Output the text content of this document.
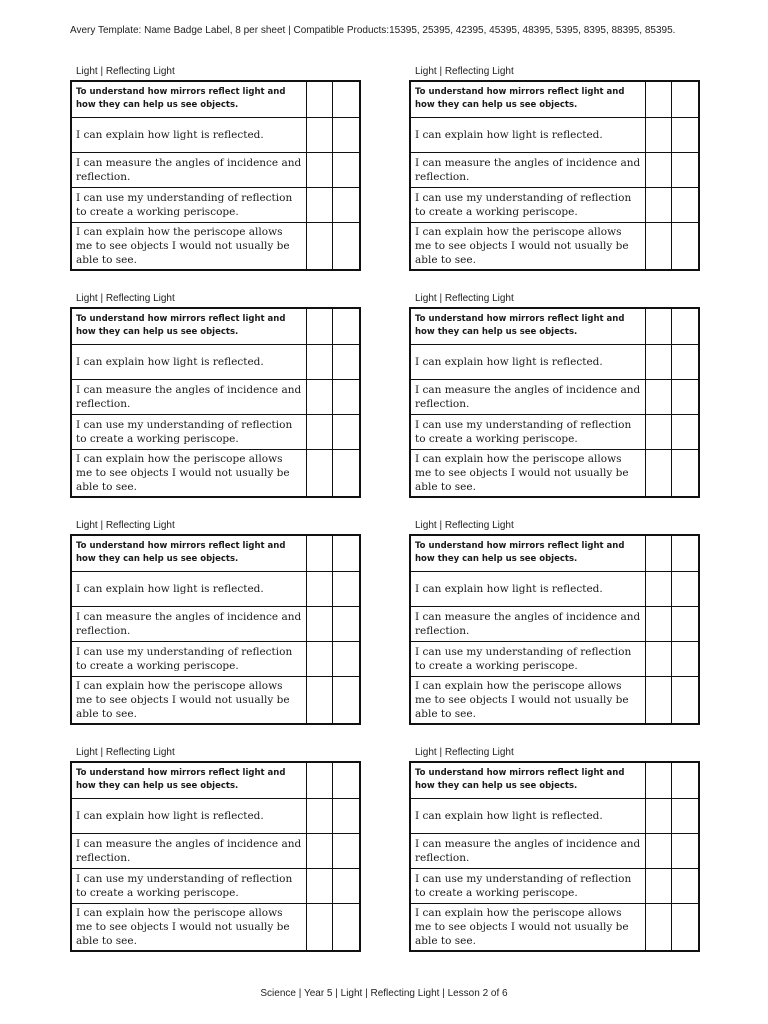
Avery Template: Name Badge Label, 8 per sheet | Compatible Products:15395, 25395, 42395, 45395, 48395, 5395, 8395, 88395, 85395.
Light | Reflecting Light
To understand how mirrors reflect light and how they can help us see objects.		
I can explain how light is reflected.		
I can measure the angles of incidence and reflection.		
I can use my understanding of reflection to create a working periscope.		
I can explain how the periscope allows me to see objects I would not usually be able to see.		
Light | Reflecting Light
To understand how mirrors reflect light and how they can help us see objects.		
I can explain how light is reflected.		
I can measure the angles of incidence and reflection.		
I can use my understanding of reflection to create a working periscope.		
I can explain how the periscope allows me to see objects I would not usually be able to see.		
Light | Reflecting Light
To understand how mirrors reflect light and how they can help us see objects.		
I can explain how light is reflected.		
I can measure the angles of incidence and reflection.		
I can use my understanding of reflection to create a working periscope.		
I can explain how the periscope allows me to see objects I would not usually be able to see.		
Light | Reflecting Light
To understand how mirrors reflect light and how they can help us see objects.		
I can explain how light is reflected.		
I can measure the angles of incidence and reflection.		
I can use my understanding of reflection to create a working periscope.		
I can explain how the periscope allows me to see objects I would not usually be able to see.		
Light | Reflecting Light
To understand how mirrors reflect light and how they can help us see objects.		
I can explain how light is reflected.		
I can measure the angles of incidence and reflection.		
I can use my understanding of reflection to create a working periscope.		
I can explain how the periscope allows me to see objects I would not usually be able to see.		
Light | Reflecting Light
To understand how mirrors reflect light and how they can help us see objects.		
I can explain how light is reflected.		
I can measure the angles of incidence and reflection.		
I can use my understanding of reflection to create a working periscope.		
I can explain how the periscope allows me to see objects I would not usually be able to see.		
Light | Reflecting Light
To understand how mirrors reflect light and how they can help us see objects.		
I can explain how light is reflected.		
I can measure the angles of incidence and reflection.		
I can use my understanding of reflection to create a working periscope.		
I can explain how the periscope allows me to see objects I would not usually be able to see.		
Light | Reflecting Light
To understand how mirrors reflect light and how they can help us see objects.		
I can explain how light is reflected.		
I can measure the angles of incidence and reflection.		
I can use my understanding of reflection to create a working periscope.		
I can explain how the periscope allows me to see objects I would not usually be able to see.		
Science | Year 5 | Light | Reflecting Light | Lesson 2 of 6
